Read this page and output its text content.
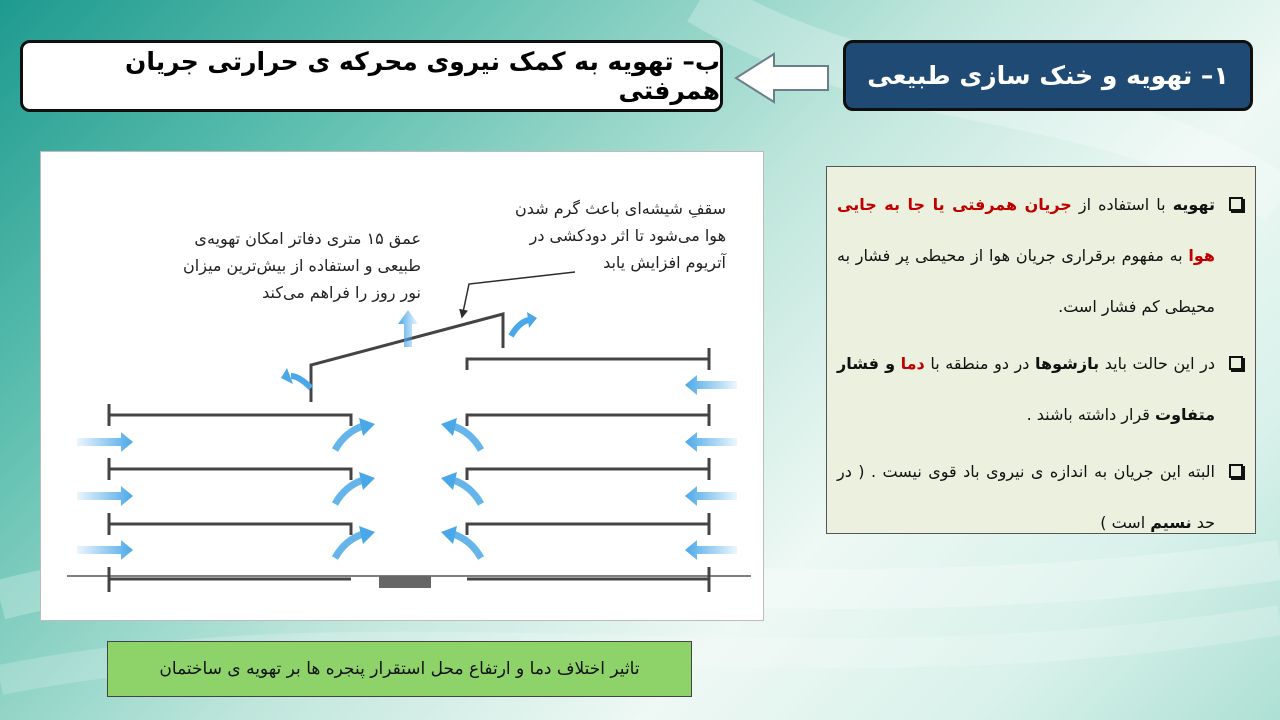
۱– تهویه و خنک سازی طبیعی
ب– تهویه به کمک نیروی محرکه ی حرارتی جریان همرفتی
عمق ۱۵ متری دفاتر امکان تهویه‌ی طبیعی و استفاده از بیش‌ترین میزان نور روز را فراهم می‌کند
سقفِ شیشه‌ای باعث گرم شدن هوا می‌شود تا اثر دودکشی در آتریوم افزایش یابد
تهویه با استفاده از جریان همرفتی یا جا به جایی هوا به مفهوم برقراری جریان هوا از محیطی پر فشار به محیطی کم فشار است.
در این حالت باید بازشوها در دو منطقه با دما و فشار متفاوت قرار داشته باشند .
البته این جریان به اندازه ی نیروی باد قوی نیست . ( در حد نسیم است )
تاثیر اختلاف دما و ارتفاع محل استقرار پنجره ها بر تهویه ی ساختمان
